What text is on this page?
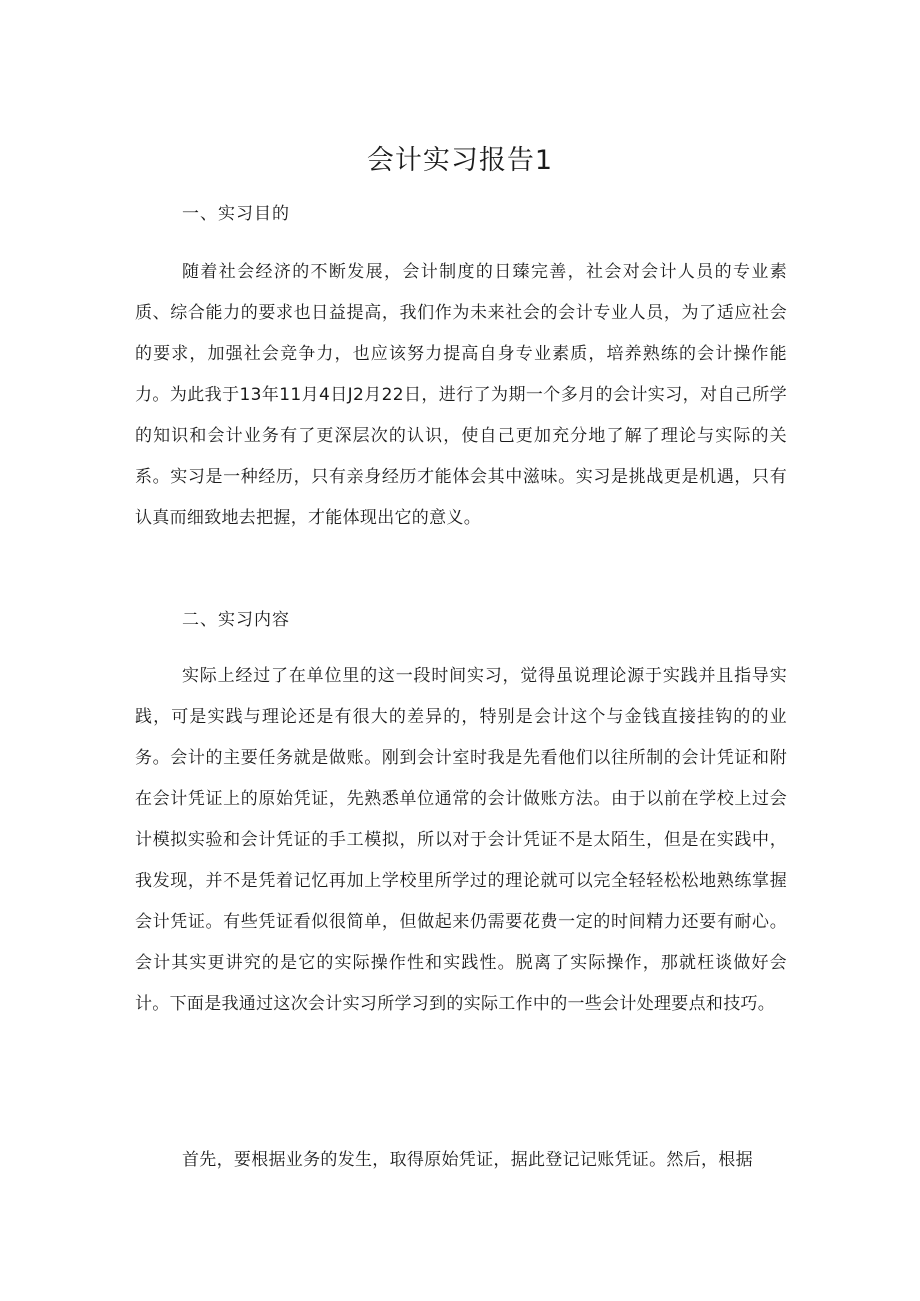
会计实习报告1

一、实习目的

随着社会经济的不断发展，会计制度的日臻完善，社会对会计人员的专业素质、综合能力的要求也日益提高，我们作为未来社会的会计专业人员，为了适应社会的要求，加强社会竞争力，也应该努力提高自身专业素质，培养熟练的会计操作能力。为此我于13年11月4日J2月22日，进行了为期一个多月的会计实习，对自己所学的知识和会计业务有了更深层次的认识，使自己更加充分地了解了理论与实际的关系。实习是一种经历，只有亲身经历才能体会其中滋味。实习是挑战更是机遇，只有认真而细致地去把握，才能体现出它的意义。

二、实习内容

实际上经过了在单位里的这一段时间实习，觉得虽说理论源于实践并且指导实践，可是实践与理论还是有很大的差异的，特别是会计这个与金钱直接挂钩的的业务。会计的主要任务就是做账。刚到会计室时我是先看他们以往所制的会计凭证和附在会计凭证上的原始凭证，先熟悉单位通常的会计做账方法。由于以前在学校上过会计模拟实验和会计凭证的手工模拟，所以对于会计凭证不是太陌生，但是在实践中，我发现，并不是凭着记忆再加上学校里所学过的理论就可以完全轻轻松松地熟练掌握会计凭证。有些凭证看似很简单，但做起来仍需要花费一定的时间精力还要有耐心。会计其实更讲究的是它的实际操作性和实践性。脱离了实际操作，那就枉谈做好会计。下面是我通过这次会计实习所学习到的实际工作中的一些会计处理要点和技巧。

首先，要根据业务的发生，取得原始凭证，据此登记记账凭证。然后，根据
